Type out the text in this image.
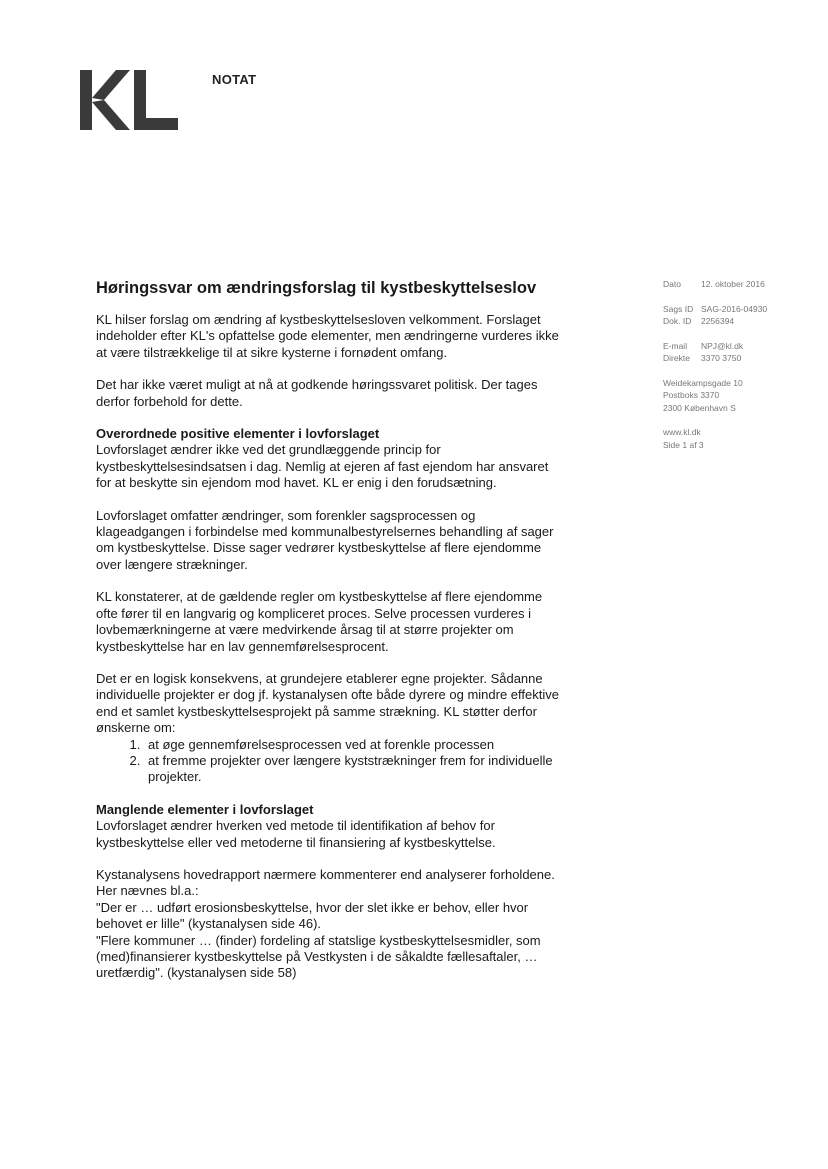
NOTAT
Høringssvar om ændringsforslag til kystbeskyttelseslov

KL hilser forslag om ændring af kystbeskyttelsesloven velkomment. Forslaget indeholder efter KL's opfattelse gode elementer, men ændringerne vurderes ikke at være tilstrækkelige til at sikre kysterne i fornødent omfang.

Det har ikke været muligt at nå at godkende høringssvaret politisk. Der tages derfor forbehold for dette.

Overordnede positive elementer i lovforslaget

Lovforslaget ændrer ikke ved det grundlæggende princip for kystbeskyttelsesindsatsen i dag. Nemlig at ejeren af fast ejendom har ansvaret for at beskytte sin ejendom mod havet. KL er enig i den forudsætning.

Lovforslaget omfatter ændringer, som forenkler sagsprocessen og klageadgangen i forbindelse med kommunalbestyrelsernes behandling af sager om kystbeskyttelse. Disse sager vedrører kystbeskyttelse af flere ejendomme over længere strækninger.

KL konstaterer, at de gældende regler om kystbeskyttelse af flere ejendomme ofte fører til en langvarig og kompliceret proces. Selve processen vurderes i lovbemærkningerne at være medvirkende årsag til at større projekter om kystbeskyttelse har en lav gennemførelsesprocent.

Det er en logisk konsekvens, at grundejere etablerer egne projekter. Sådanne individuelle projekter er dog jf. kystanalysen ofte både dyrere og mindre effektive end et samlet kystbeskyttelsesprojekt på samme strækning. KL støtter derfor ønskerne om:

1. at øge gennemførelsesprocessen ved at forenkle processen
2. at fremme projekter over længere kyststrækninger frem for individuelle projekter.
Manglende elementer i lovforslaget

Lovforslaget ændrer hverken ved metode til identifikation af behov for kystbeskyttelse eller ved metoderne til finansiering af kystbeskyttelse.

Kystanalysens hovedrapport nærmere kommenterer end analyserer forholdene. Her nævnes bl.a.:

"Der er … udført erosionsbeskyttelse, hvor der slet ikke er behov, eller hvor behovet er lille" (kystanalysen side 46).

"Flere kommuner … (finder) fordeling af statslige kystbeskyttelsesmidler, som (med)finansierer kystbeskyttelse på Vestkysten i de såkaldte fællesaftaler, … uretfærdig". (kystanalysen side 58)

Dato 12. oktober 2016
Sags ID SAG-2016-04930
Dok. ID 2256394
E-mail NPJ@kl.dk
Direkte 3370 3750
Weidekampsgade 10
Postboks 3370
2300 København S
www.kl.dk
Side 1 af 3
